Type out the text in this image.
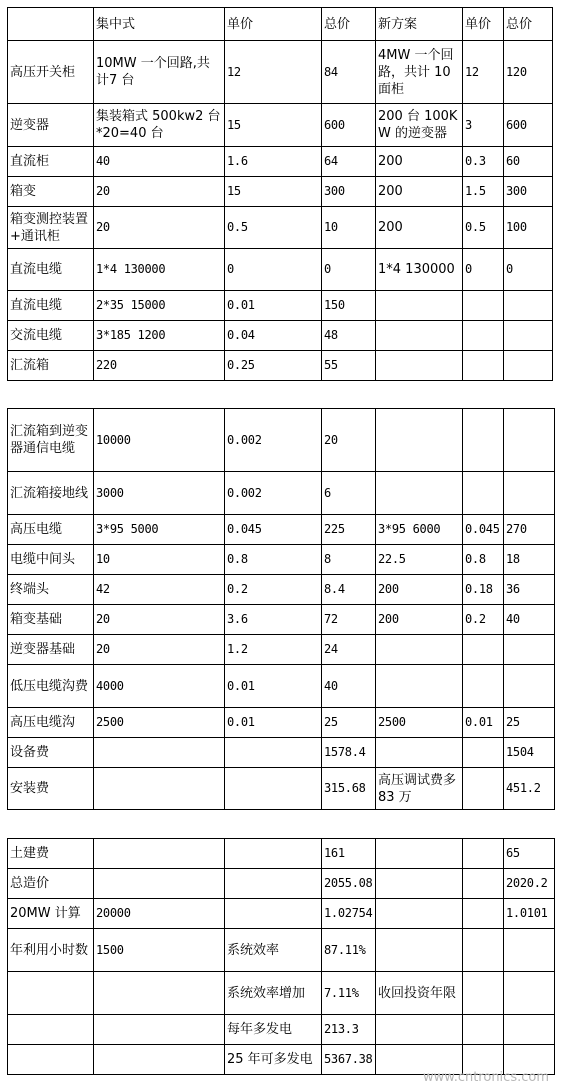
	集中式	单价	总价	新方案	单价	总价
高压开关柜	10MW 一个回路,共计7 台	12	84	4MW 一个回路，共计 10 面柜	12	120
逆变器	集装箱式 500kw2 台*20=40 台	15	600	200 台 100KW 的逆变器	3	600
直流柜	40	1.6	64	200	0.3	60
箱变	20	15	300	200	1.5	300
箱变测控装置+通讯柜	20	0.5	10	200	0.5	100
直流电缆	1*4 130000	0	0	1*4 130000	0	0
直流电缆	2*35 15000	0.01	150			
交流电缆	3*185 1200	0.04	48			
汇流箱	220	0.25	55			
汇流箱到逆变器通信电缆	10000	0.002	20			
汇流箱接地线	3000	0.002	6			
高压电缆	3*95 5000	0.045	225	3*95 6000	0.045	270
电缆中间头	10	0.8	8	22.5	0.8	18
终端头	42	0.2	8.4	200	0.18	36
箱变基础	20	3.6	72	200	0.2	40
逆变器基础	20	1.2	24			
低压电缆沟费	4000	0.01	40			
高压电缆沟	2500	0.01	25	2500	0.01	25
设备费			1578.4			1504
安装费			315.68	高压调试费多 83 万		451.2
土建费			161			65
总造价			2055.08			2020.2
20MW 计算	20000		1.02754			1.0101
年利用小时数	1500	系统效率	87.11%			
		系统效率增加	7.11%	收回投资年限		
		每年多发电	213.3			
		25 年可多发电	5367.38			
www.cntronics.com
